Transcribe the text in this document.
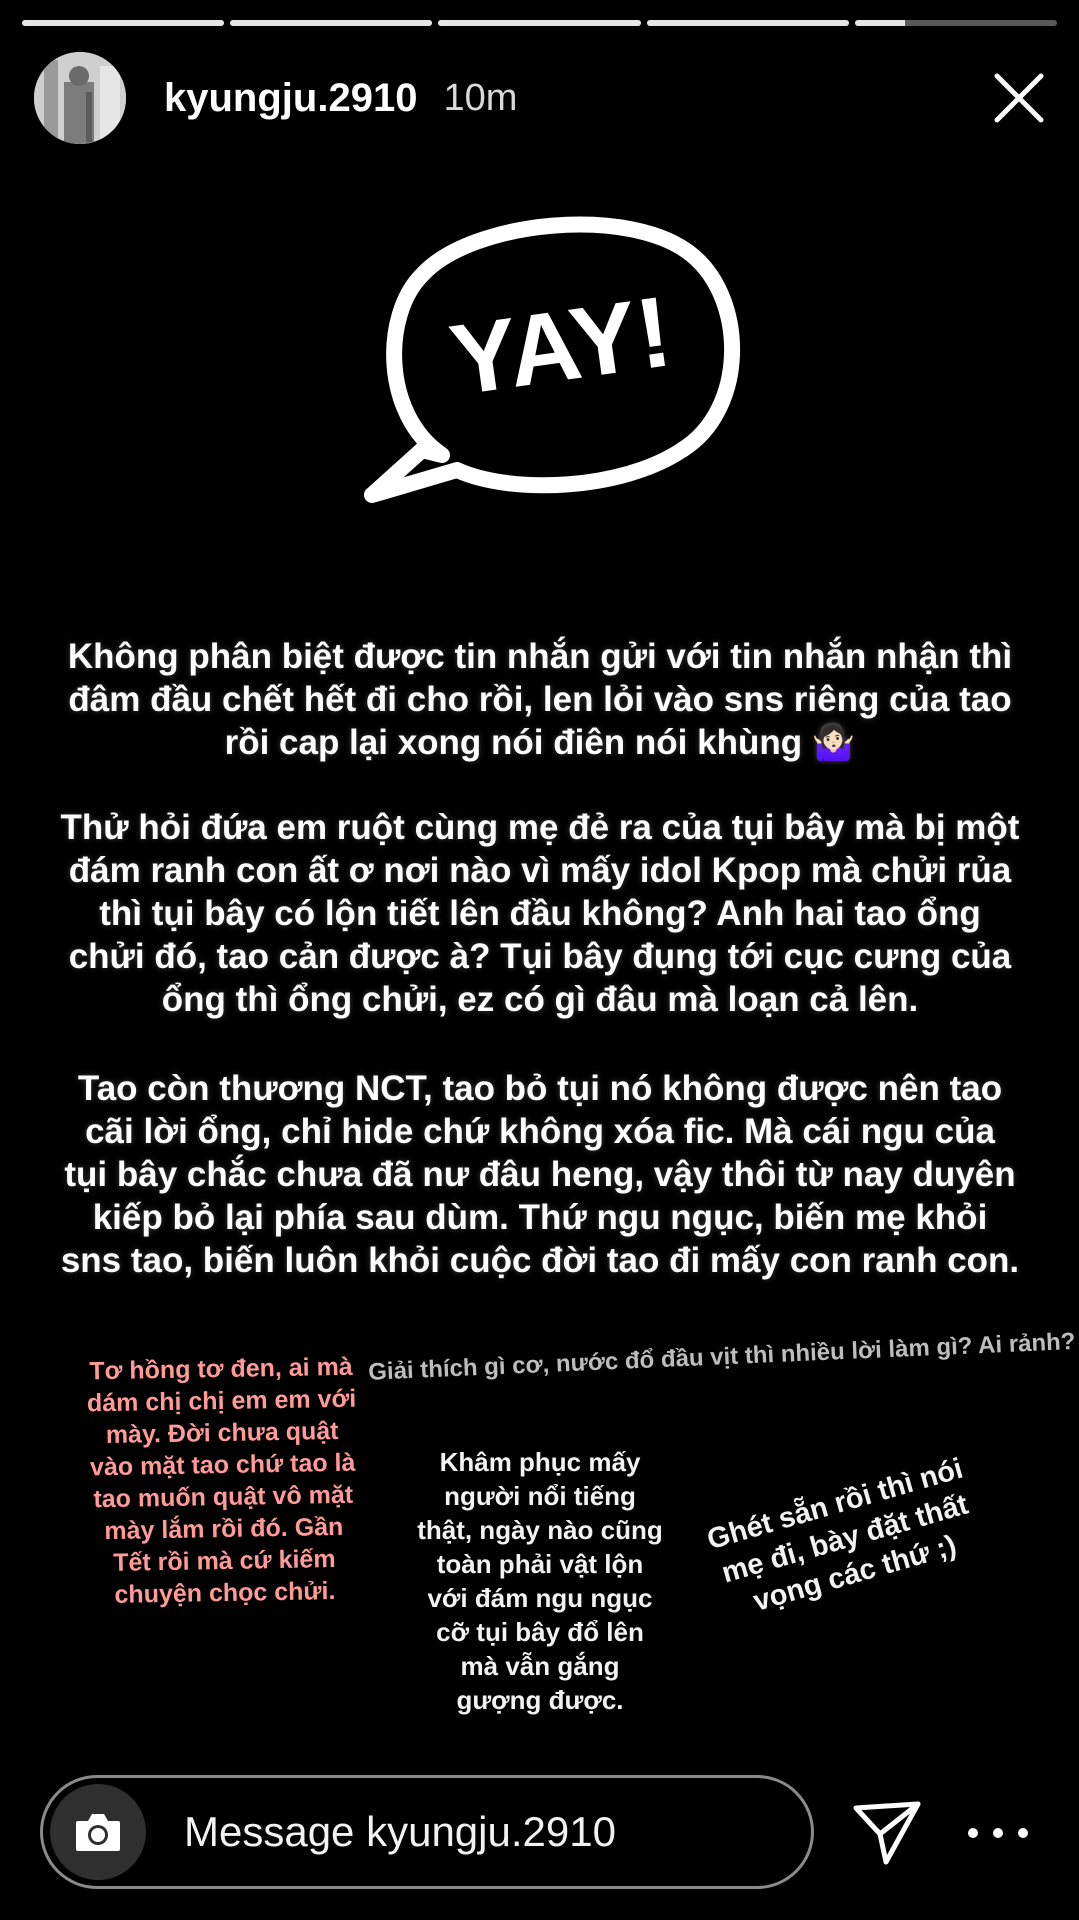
kyungju.2910 10m
YAY!
Không phân biệt được tin nhắn gửi với tin nhắn nhận thì đâm đầu chết hết đi cho rồi, len lỏi vào sns riêng của tao rồi cap lại xong nói điên nói khùng 🤷🏻‍♀️
Thử hỏi đứa em ruột cùng mẹ đẻ ra của tụi bây mà bị một đám ranh con ất ơ nơi nào vì mấy idol Kpop mà chửi rủa thì tụi bây có lộn tiết lên đầu không? Anh hai tao ổng chửi đó, tao cản được à? Tụi bây đụng tới cục cưng của ổng thì ổng chửi, ez có gì đâu mà loạn cả lên.
Tao còn thương NCT, tao bỏ tụi nó không được nên tao cãi lời ổng, chỉ hide chứ không xóa fic. Mà cái ngu của tụi bây chắc chưa đã nư đâu heng, vậy thôi từ nay duyên kiếp bỏ lại phía sau dùm. Thứ ngu ngục, biến mẹ khỏi sns tao, biến luôn khỏi cuộc đời tao đi mấy con ranh con.
Tơ hồng tơ đen, ai mà dám chị chị em em với mày. Đời chưa quật vào mặt tao chứ tao là tao muốn quật vô mặt mày lắm rồi đó. Gần Tết rồi mà cứ kiếm chuyện chọc chửi.
Giải thích gì cơ, nước đổ đầu vịt thì nhiều lời làm gì? Ai rảnh?
Khâm phục mấy người nổi tiếng thật, ngày nào cũng toàn phải vật lộn với đám ngu ngục cỡ tụi bây đổ lên mà vẫn gắng gượng được.
Ghét sẵn rồi thì nói mẹ đi, bày đặt thất vọng các thứ ;)
Message kyungju.2910
